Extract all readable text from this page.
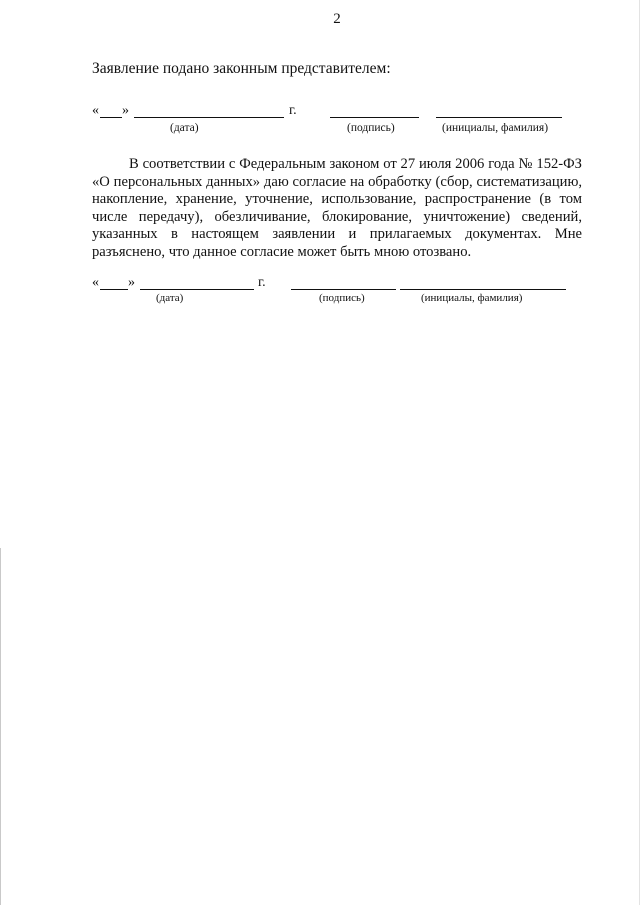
2
Заявление подано законным представителем:
« »	г.
(дата)	(подпись)	(инициалы, фамилия)
В соответствии с Федеральным законом от 27 июля 2006 года № 152-ФЗ «О персональных данных» даю согласие на обработку (сбор, систематизацию, накопление, хранение, уточнение, использование, распространение (в том числе передачу), обезличивание, блокирование, уничтожение) сведений, указанных в настоящем заявлении и прилагаемых документах. Мне разъяснено, что данное согласие может быть мною отозвано.
« »	г.
(дата)	(подпись)	(инициалы, фамилия)
